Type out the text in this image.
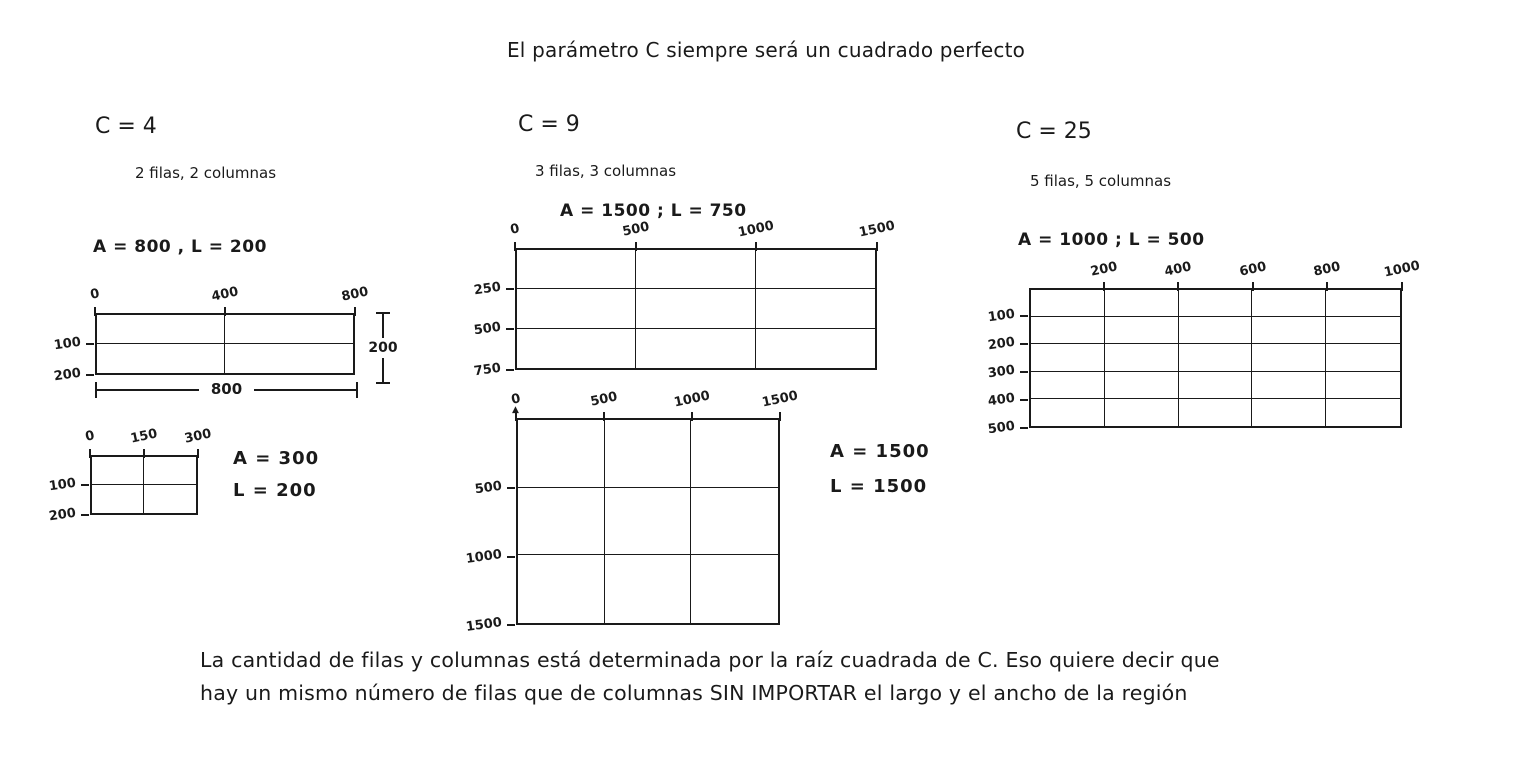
El parámetro C siempre será un cuadrado perfecto
C = 4
2 filas, 2 columnas
A = 800 , L = 200
0	400	800
100
200
200
800
0	150 300
100
200
A = 300
L = 200
C = 9
3 filas, 3 columnas
A = 1500 ; L = 750
0	500	1000	1500
250
500
750
0	500	1000	1500
500
1000
1500
▲
A = 1500
L = 1500
C = 25
5 filas, 5 columnas
A = 1000 ; L = 500
200	400	600	800	1000
100
200
300
400
500
La cantidad de filas y columnas está determinada por la raíz cuadrada de C. Eso quiere decir que
hay un mismo número de filas que de columnas SIN IMPORTAR el largo y el ancho de la región
